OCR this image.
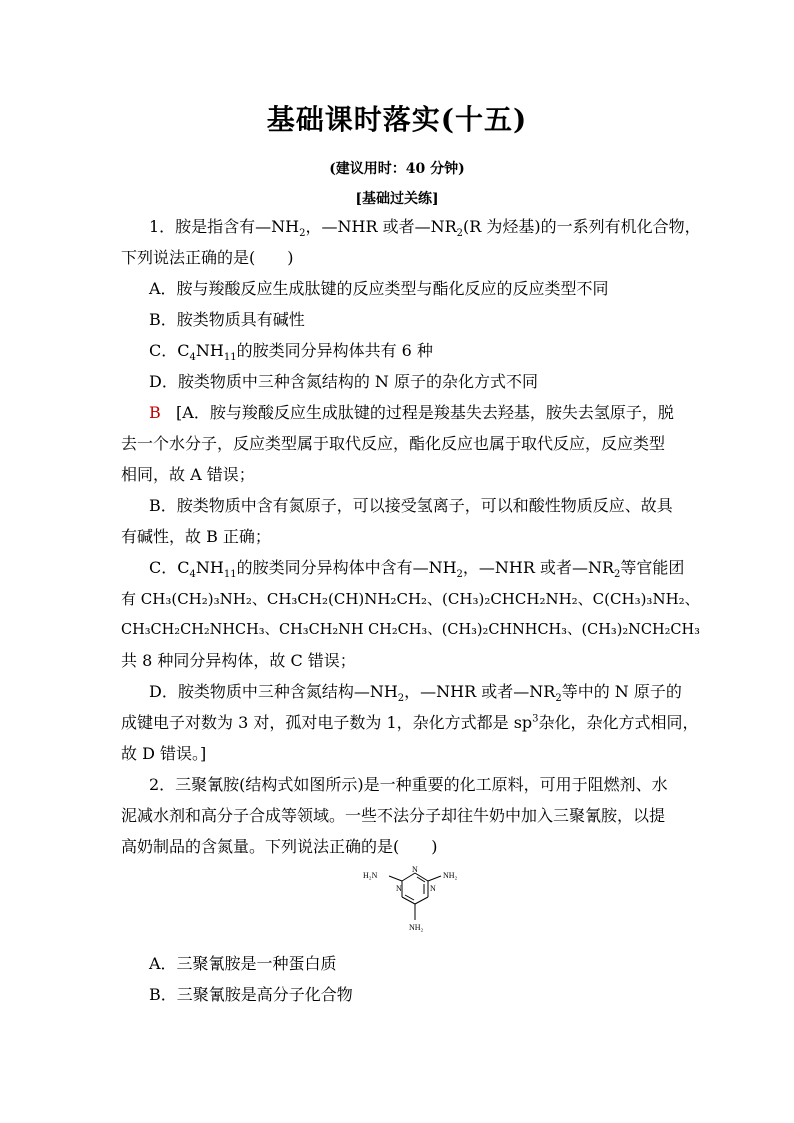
基础课时落实(十五)
(建议用时：40 分钟)
[基础过关练]
1．胺是指含有$—NH_2$，—NHR 或者$—NR_2(R$ 为烃基)的一系列有机化合物，
下列说法正确的是(　　)
A．胺与羧酸反应生成肽键的反应类型与酯化反应的反应类型不同
B．胺类物质具有碱性
C．$C_4NH_{11}$的胺类同分异构体共有 6 种
D．胺类物质中三种含氮结构的 N 原子的杂化方式不同
B [A．胺与羧酸反应生成肽键的过程是羧基失去羟基，胺失去氢原子，脱
去一个水分子，反应类型属于取代反应，酯化反应也属于取代反应，反应类型
相同，故 A 错误；
B．胺类物质中含有氮原子，可以接受氢离子，可以和酸性物质反应、故具
有碱性，故 B 正确；
C．$C_4NH_{11}$的胺类同分异构体中含有$—NH_2$，—NHR 或者$—NR_2$等官能团
有 CH₃(CH₂)₃NH₂、CH₃CH₂(CH)NH₂CH₂、(CH₃)₂CHCH₂NH₂、C(CH₃)₃NH₂、
CH₃CH₂CH₂NHCH₃、CH₃CH₂NH CH₂CH₃、(CH₃)₂CHNHCH₃、(CH₃)₂NCH₂CH₃
共 8 种同分异构体，故 C 错误；
D．胺类物质中三种含氮结构$—NH_2$，—NHR 或者$—NR_2$等中的 N 原子的
成键电子对数为 3 对，孤对电子数为 1，杂化方式都是 $sp^3$杂化，杂化方式相同，
故 D 错误。]
2．三聚氰胺(结构式如图所示)是一种重要的化工原料，可用于阻燃剂、水
泥减水剂和高分子合成等领域。一些不法分子却往牛奶中加入三聚氰胺，以提
高奶制品的含氮量。下列说法正确的是(　　)
H₂N	NH₂
NH₂
N	N
N
A．三聚氰胺是一种蛋白质
B．三聚氰胺是高分子化合物
